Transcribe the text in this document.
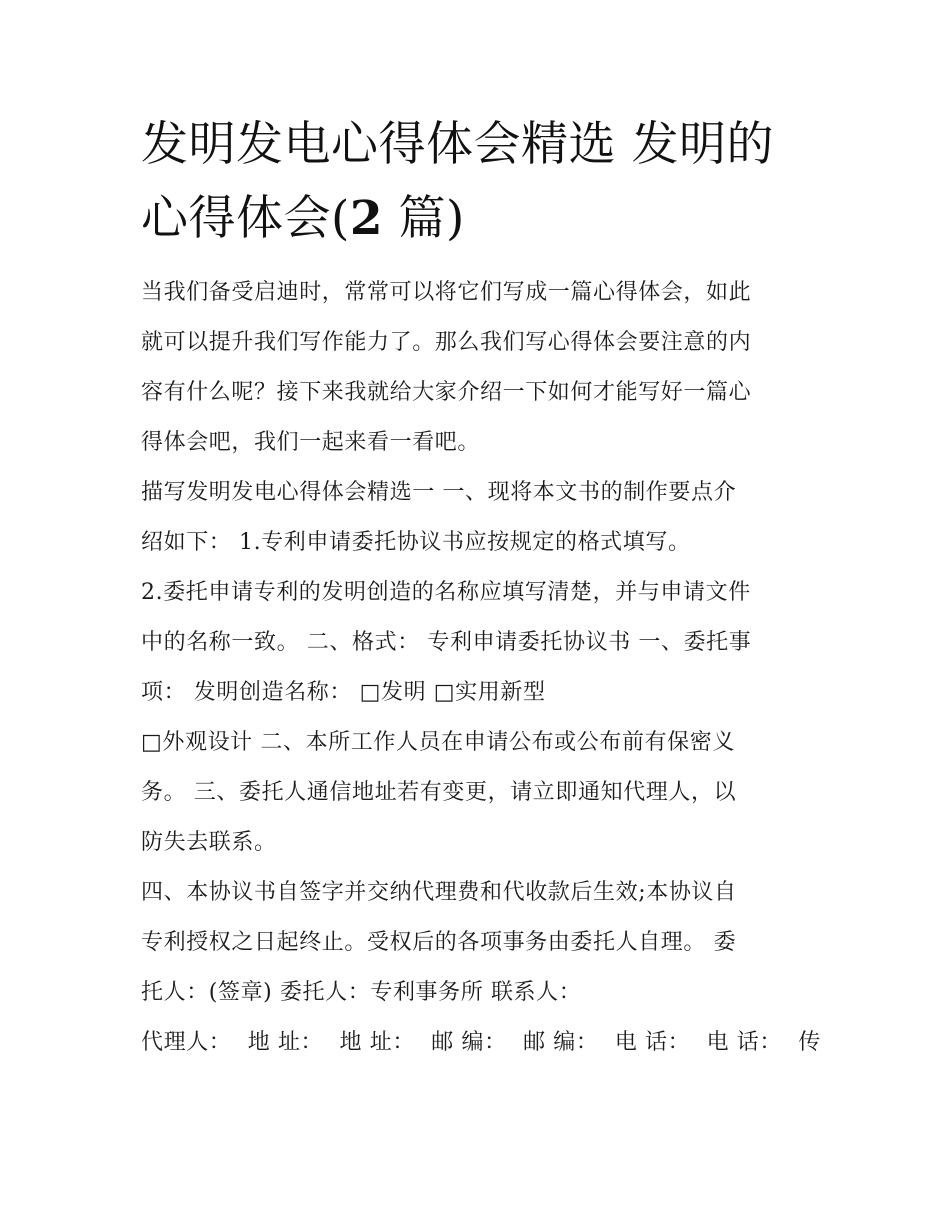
发明发电心得体会精选 发明的
心得体会(2 篇)

当我们备受启迪时，常常可以将它们写成一篇心得体会，如此
就可以提升我们写作能力了。那么我们写心得体会要注意的内
容有什么呢？接下来我就给大家介绍一下如何才能写好一篇心
得体会吧，我们一起来看一看吧。

描写发明发电心得体会精选一 一、现将本文书的制作要点介
绍如下： 1.专利申请委托协议书应按规定的格式填写。

2.委托申请专利的发明创造的名称应填写清楚，并与申请文件
中的名称一致。 二、格式： 专利申请委托协议书 一、委托事
项： 发明创造名称： □发明 □实用新型

□外观设计 二、本所工作人员在申请公布或公布前有保密义
务。 三、委托人通信地址若有变更，请立即通知代理人，以
防失去联系。

四、本协议书自签字并交纳代理费和代收款后生效;本协议自
专利授权之日起终止。受权后的各项事务由委托人自理。 委
托人：(签章) 委托人：专利事务所 联系人：

代理人： 地 址： 地 址： 邮 编： 邮 编： 电 话： 电 话： 传
